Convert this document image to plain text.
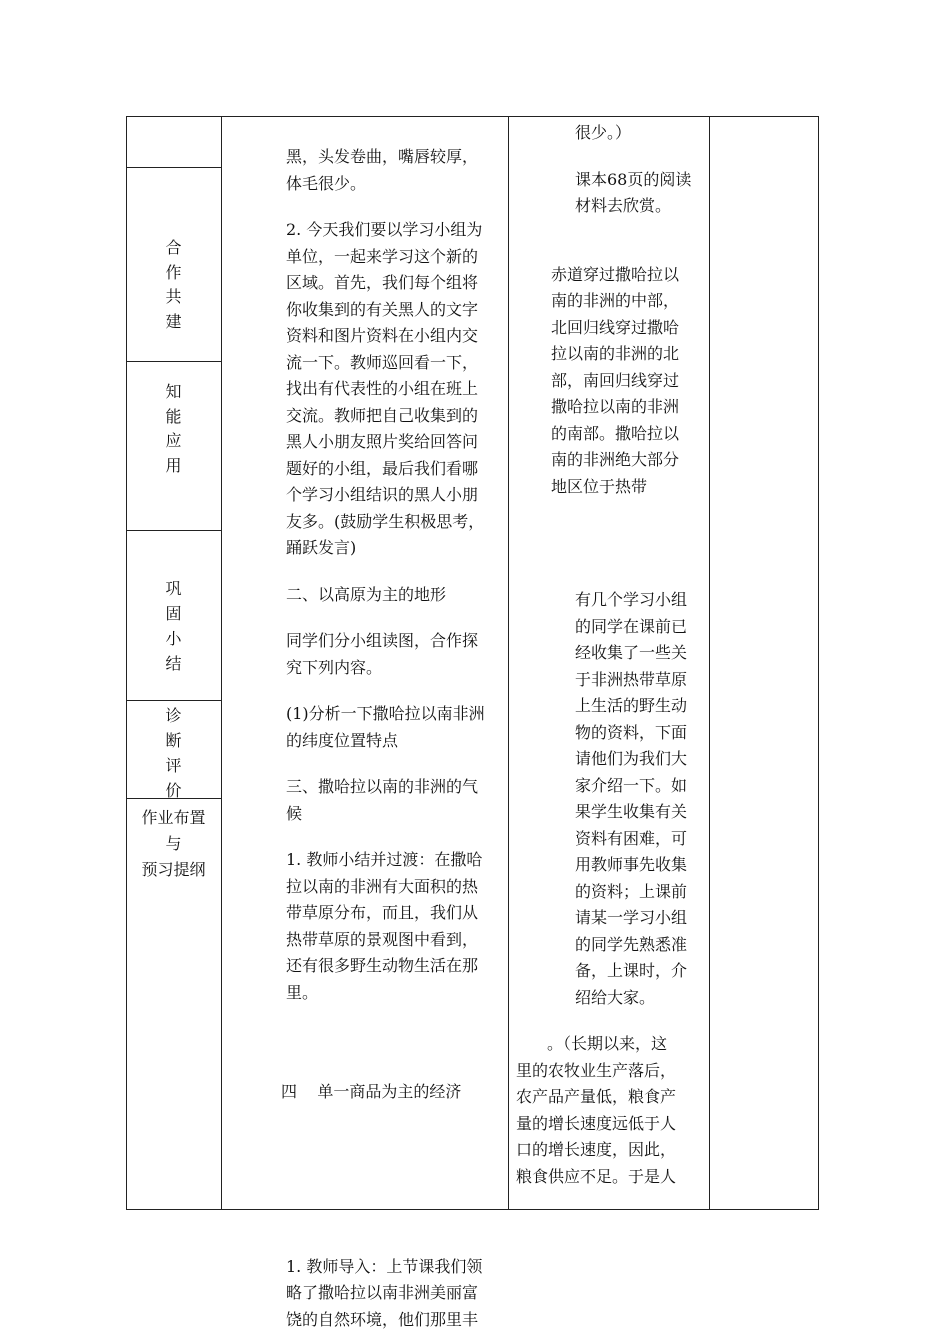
合
作
共
建
知
能
应
用
巩
固
小
结
诊
断
评
价
作业布置
与
预习提纲

黑，头发卷曲，嘴唇较厚，

体毛很少。

2. 今天我们要以学习小组为

单位，一起来学习这个新的

区域。首先，我们每个组将

你收集到的有关黑人的文字

资料和图片资料在小组内交

流一下。教师巡回看一下，

找出有代表性的小组在班上

交流。教师把自己收集到的

黑人小朋友照片奖给回答问

题好的小组，最后我们看哪

个学习小组结识的黑人小朋

友多。(鼓励学生积极思考，

踊跃发言)

二、以高原为主的地形

同学们分小组读图，合作探

究下列内容。

(1)分析一下撒哈拉以南非洲

的纬度位置特点

三、撒哈拉以南的非洲的气

候

1. 教师小结并过渡：在撒哈

拉以南的非洲有大面积的热

带草原分布，而且，我们从

热带草原的景观图中看到，

还有很多野生动物生活在那

里。

四    单一商品为主的经济

1. 教师导入：上节课我们领

略了撒哈拉以南非洲美丽富

饶的自然环境，他们那里丰

很少。）

课本68页的阅读

材料去欣赏。

赤道穿过撒哈拉以

南的非洲的中部，

北回归线穿过撒哈

拉以南的非洲的北

部，南回归线穿过

撒哈拉以南的非洲

的南部。撒哈拉以

南的非洲绝大部分

地区位于热带

有几个学习小组

的同学在课前已

经收集了一些关

于非洲热带草原

上生活的野生动

物的资料，下面

请他们为我们大

家介绍一下。如

果学生收集有关

资料有困难，可

用教师事先收集

的资料；上课前

请某一学习小组

的同学先熟悉准

备，上课时，介

绍给大家。

。（长期以来，这

里的农牧业生产落后，

农产品产量低，粮食产

量的增长速度远低于人

口的增长速度，因此，

粮食供应不足。于是人
